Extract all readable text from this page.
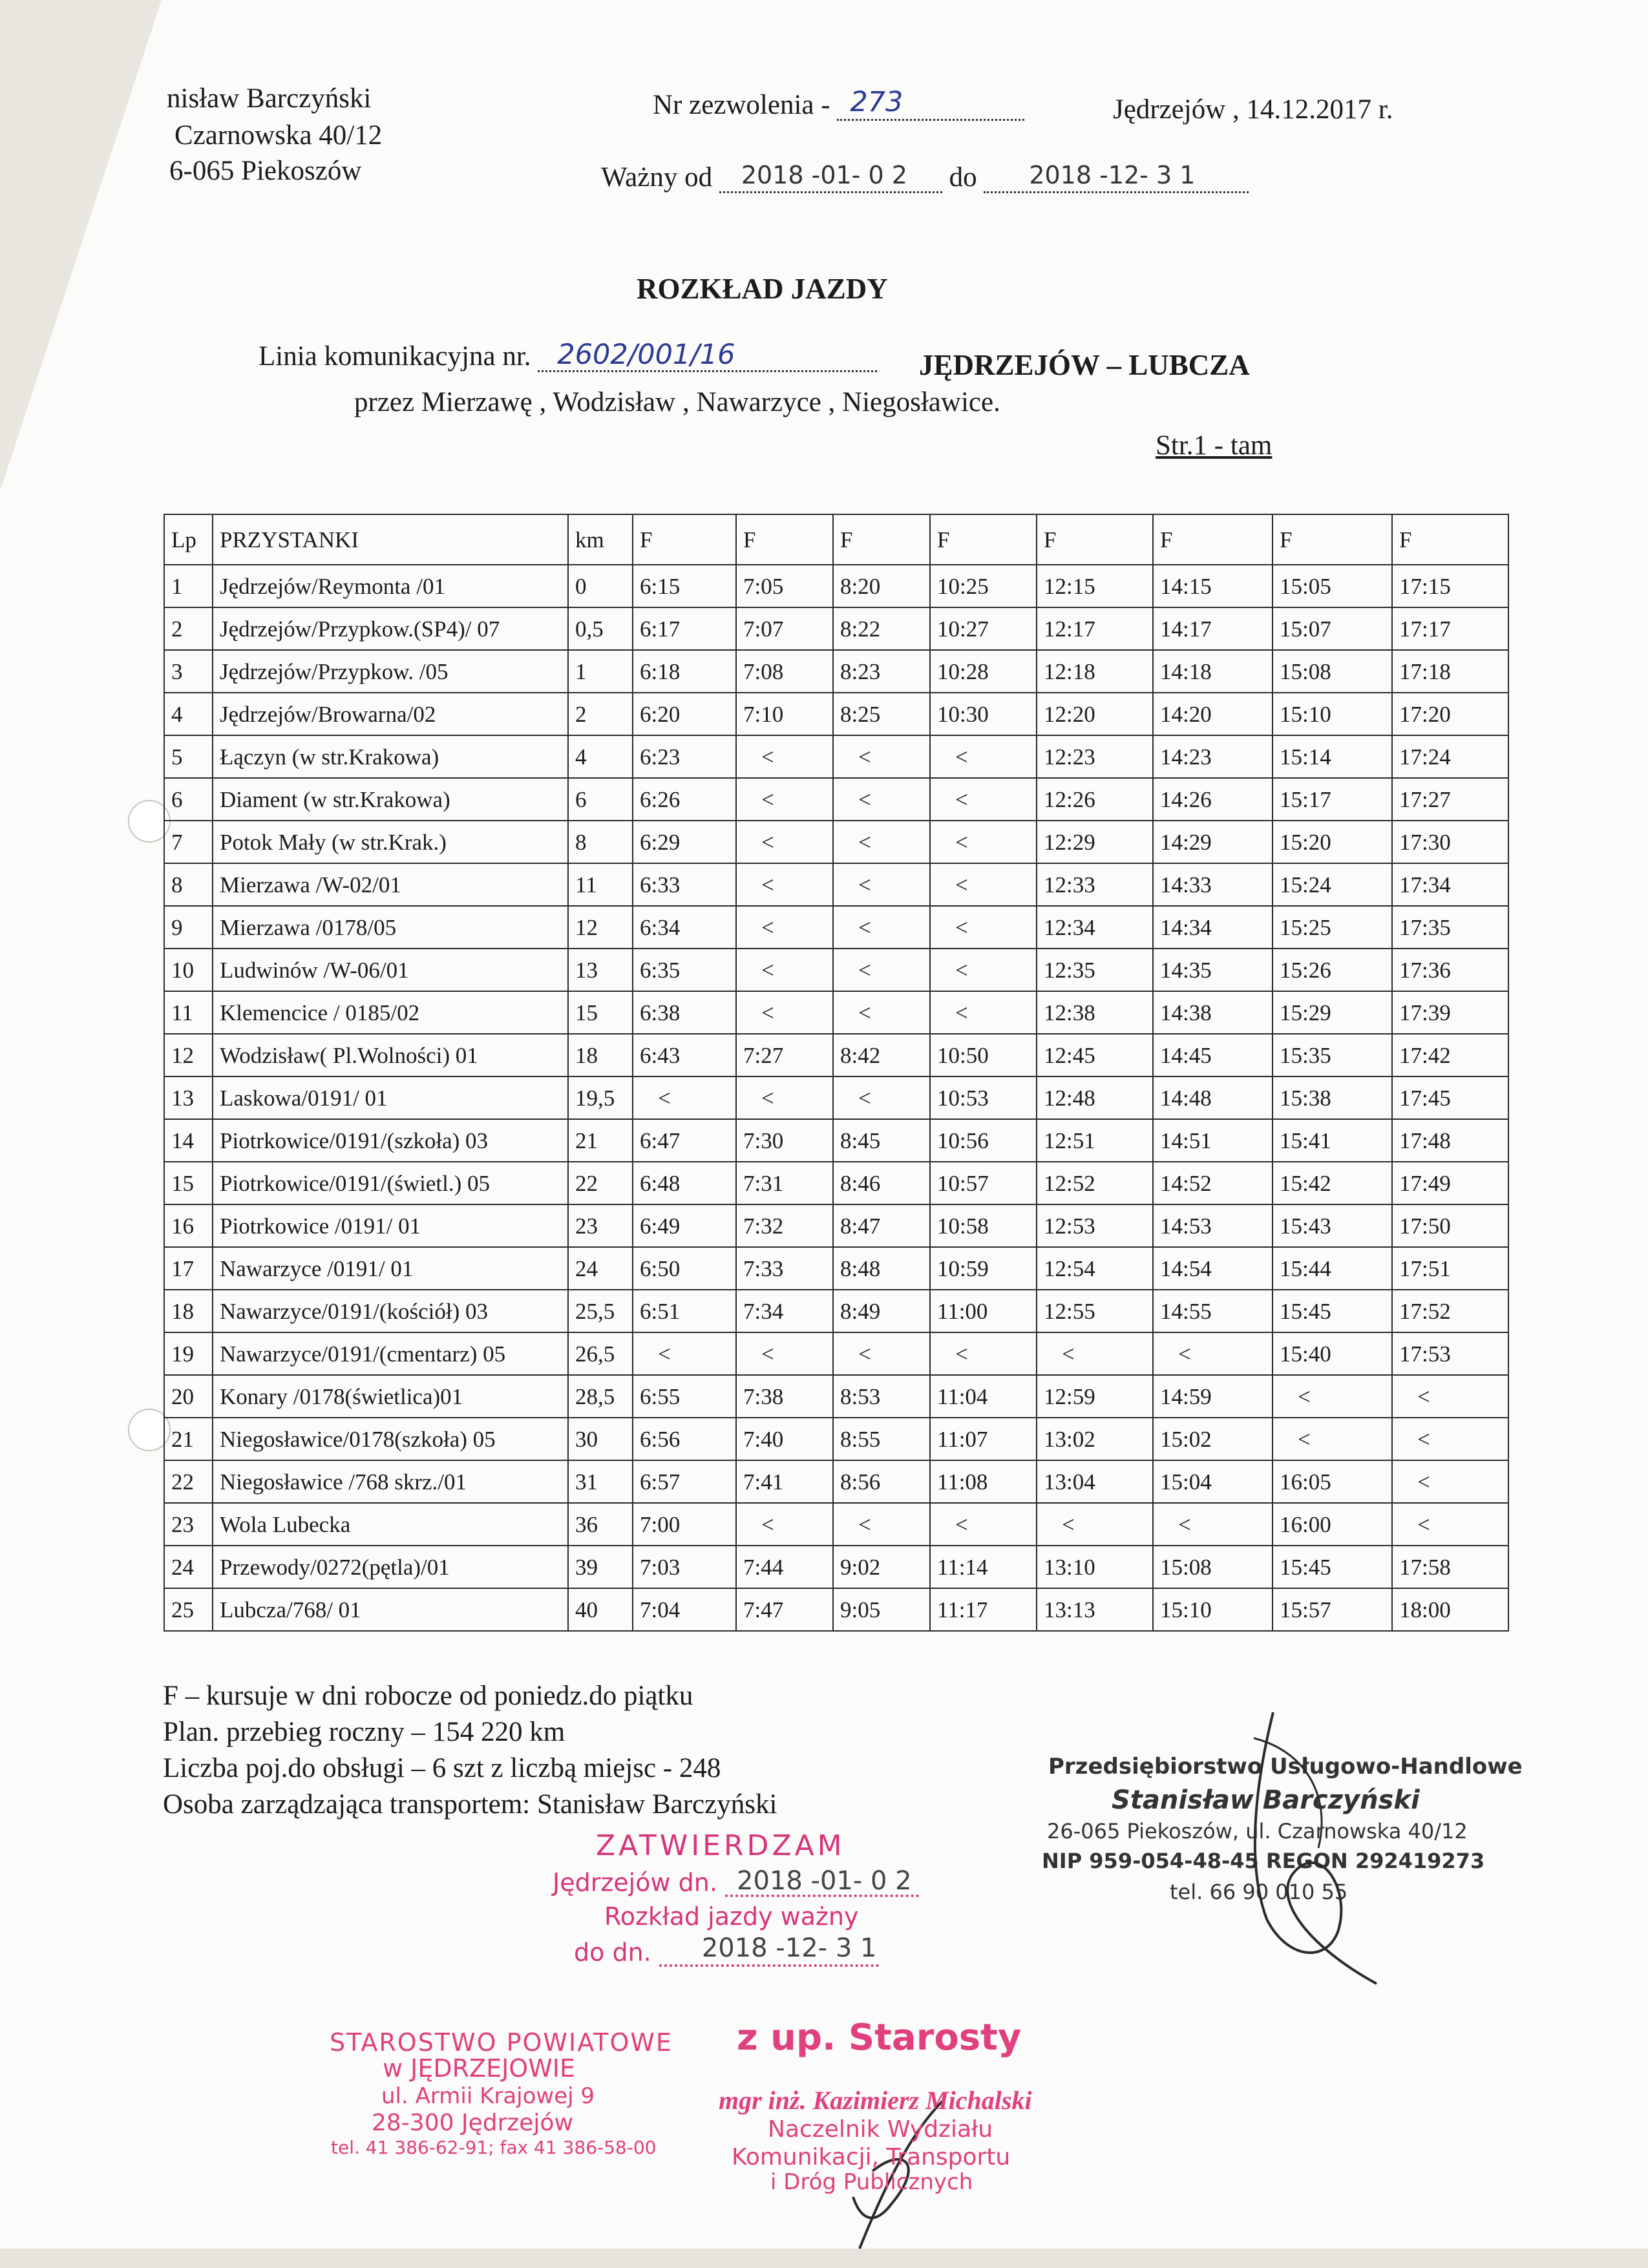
nisław Barczyński
Czarnowska 40/12
6-065 Piekoszów
Nr zezwolenia - 273	Jędrzejów , 14.12.2017 r.
Ważny od 2018 -01- 0 2 do 2018 -12- 3 1
ROZKŁAD JAZDY
Linia komunikacyjna nr. 2602/001/16	JĘDRZEJÓW – LUBCZA
przez Mierzawę , Wodzisław , Nawarzyce , Niegosławice.
Str.1 - tam
Lp	PRZYSTANKI	km	F	F	F	F	F	F	F	F
1	Jędrzejów/Reymonta /01	0	6:15	7:05	8:20	10:25	12:15	14:15	15:05	17:15
2	Jędrzejów/Przypkow.(SP4)/ 07	0,5	6:17	7:07	8:22	10:27	12:17	14:17	15:07	17:17
3	Jędrzejów/Przypkow. /05	1	6:18	7:08	8:23	10:28	12:18	14:18	15:08	17:18
4	Jędrzejów/Browarna/02	2	6:20	7:10	8:25	10:30	12:20	14:20	15:10	17:20
5	Łączyn (w str.Krakowa)	4	6:23	<	<	<	12:23	14:23	15:14	17:24
6	Diament (w str.Krakowa)	6	6:26	<	<	<	12:26	14:26	15:17	17:27
7	Potok Mały (w str.Krak.)	8	6:29	<	<	<	12:29	14:29	15:20	17:30
8	Mierzawa /W-02/01	11	6:33	<	<	<	12:33	14:33	15:24	17:34
9	Mierzawa /0178/05	12	6:34	<	<	<	12:34	14:34	15:25	17:35
10	Ludwinów /W-06/01	13	6:35	<	<	<	12:35	14:35	15:26	17:36
11	Klemencice / 0185/02	15	6:38	<	<	<	12:38	14:38	15:29	17:39
12	Wodzisław( Pl.Wolności) 01	18	6:43	7:27	8:42	10:50	12:45	14:45	15:35	17:42
13	Laskowa/0191/ 01	19,5	<	<	<	10:53	12:48	14:48	15:38	17:45
14	Piotrkowice/0191/(szkoła) 03	21	6:47	7:30	8:45	10:56	12:51	14:51	15:41	17:48
15	Piotrkowice/0191/(świetl.) 05	22	6:48	7:31	8:46	10:57	12:52	14:52	15:42	17:49
16	Piotrkowice /0191/ 01	23	6:49	7:32	8:47	10:58	12:53	14:53	15:43	17:50
17	Nawarzyce /0191/ 01	24	6:50	7:33	8:48	10:59	12:54	14:54	15:44	17:51
18	Nawarzyce/0191/(kościół) 03	25,5	6:51	7:34	8:49	11:00	12:55	14:55	15:45	17:52
19	Nawarzyce/0191/(cmentarz) 05	26,5	<	<	<	<	<	<	15:40	17:53
20	Konary /0178(świetlica)01	28,5	6:55	7:38	8:53	11:04	12:59	14:59	<	<
21	Niegosławice/0178(szkoła) 05	30	6:56	7:40	8:55	11:07	13:02	15:02	<	<
22	Niegosławice /768 skrz./01	31	6:57	7:41	8:56	11:08	13:04	15:04	16:05	<
23	Wola Lubecka	36	7:00	<	<	<	<	<	16:00	<
24	Przewody/0272(pętla)/01	39	7:03	7:44	9:02	11:14	13:10	15:08	15:45	17:58
25	Lubcza/768/ 01	40	7:04	7:47	9:05	11:17	13:13	15:10	15:57	18:00
F – kursuje w dni robocze od poniedz.do piątku
Plan. przebieg roczny – 154 220 km
Liczba poj.do obsługi – 6 szt z liczbą miejsc - 248
Osoba zarządzająca transportem: Stanisław Barczyński
ZATWIERDZAM
Jędrzejów dn. 2018 -01- 0 2
Rozkład jazdy ważny
do dn. 2018 -12- 3 1
Przedsiębiorstwo Usługowo-Handlowe
Stanisław Barczyński
26-065 Piekoszów, ul. Czarnowska 40/12
NIP 959-054-48-45 REGON 292419273
tel. 66 90 010 55
STAROSTWO POWIATOWE
w JĘDRZEJOWIE
ul. Armii Krajowej 9
28-300 Jędrzejów
tel. 41 386-62-91; fax 41 386-58-00
z up. Starosty
mgr inż. Kazimierz Michalski
Naczelnik Wydziału
Komunikacji, Transportu
i Dróg Publicznych
